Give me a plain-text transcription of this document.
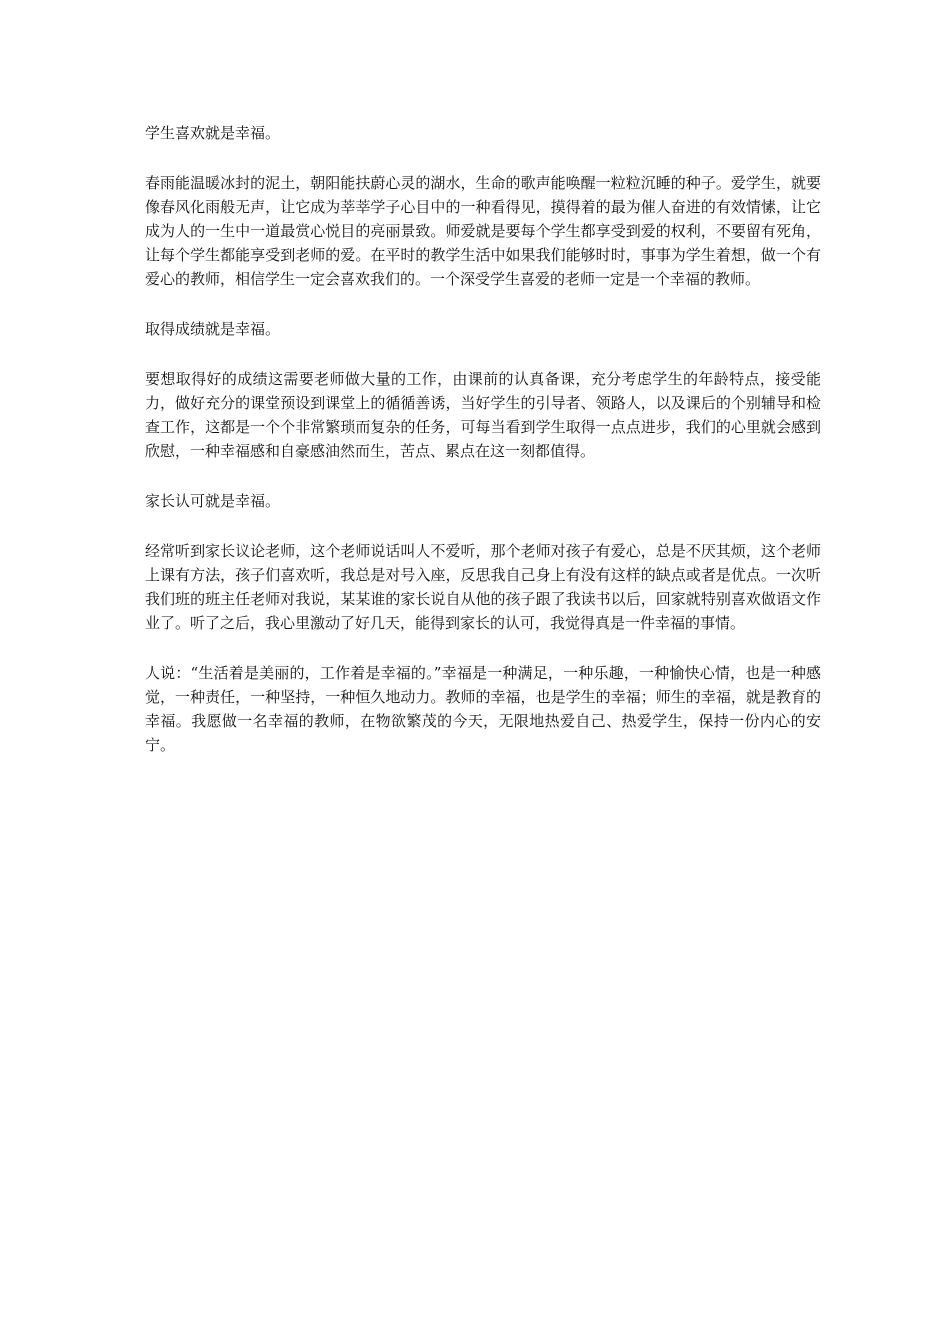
学生喜欢就是幸福。

春雨能温暖冰封的泥土，朝阳能扶蔚心灵的湖水，生命的歌声能唤醒一粒粒沉睡的种子。爱学生，就要像春风化雨般无声，让它成为莘莘学子心目中的一种看得见，摸得着的最为催人奋进的有效情愫，让它成为人的一生中一道最赏心悦目的亮丽景致。师爱就是要每个学生都享受到爱的权利，不要留有死角，让每个学生都能享受到老师的爱。在平时的教学生活中如果我们能够时时，事事为学生着想，做一个有爱心的教师，相信学生一定会喜欢我们的。一个深受学生喜爱的老师一定是一个幸福的教师。

取得成绩就是幸福。

要想取得好的成绩这需要老师做大量的工作，由课前的认真备课，充分考虑学生的年龄特点，接受能力，做好充分的课堂预设到课堂上的循循善诱，当好学生的引导者、领路人，以及课后的个别辅导和检查工作，这都是一个个非常繁琐而复杂的任务，可每当看到学生取得一点点进步，我们的心里就会感到欣慰，一种幸福感和自豪感油然而生，苦点、累点在这一刻都值得。

家长认可就是幸福。

经常听到家长议论老师，这个老师说话叫人不爱听，那个老师对孩子有爱心，总是不厌其烦，这个老师上课有方法，孩子们喜欢听，我总是对号入座，反思我自己身上有没有这样的缺点或者是优点。一次听我们班的班主任老师对我说，某某谁的家长说自从他的孩子跟了我读书以后，回家就特别喜欢做语文作业了。听了之后，我心里激动了好几天，能得到家长的认可，我觉得真是一件幸福的事情。

人说：“生活着是美丽的，工作着是幸福的。”幸福是一种满足，一种乐趣，一种愉快心情，也是一种感觉，一种责任，一种坚持，一种恒久地动力。教师的幸福，也是学生的幸福；师生的幸福，就是教育的幸福。我愿做一名幸福的教师，在物欲繁茂的今天，无限地热爱自己、热爱学生，保持一份内心的安宁。
